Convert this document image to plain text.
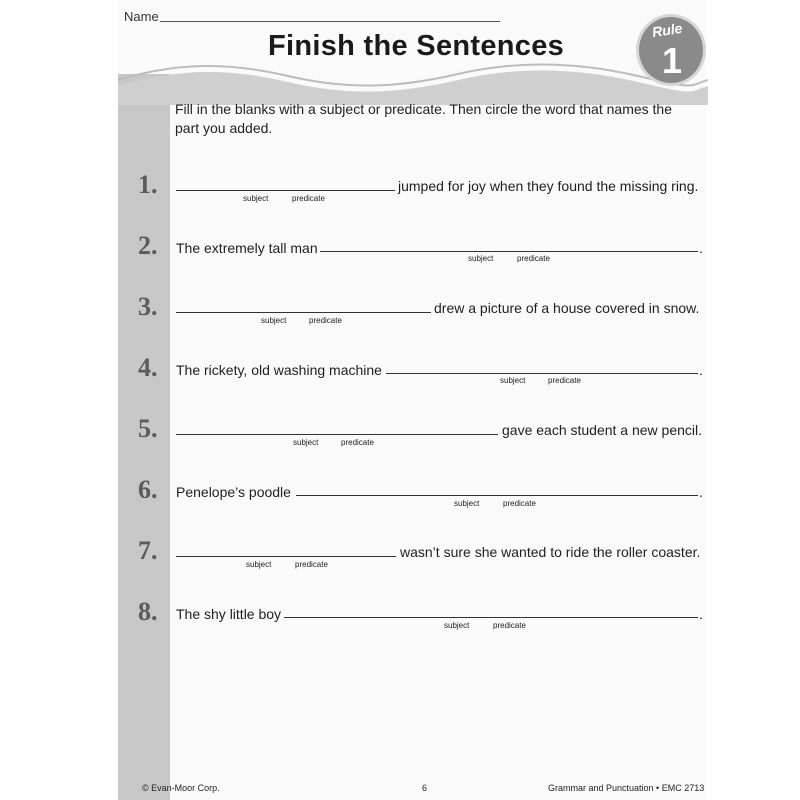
Name
Finish the Sentences	Rule
1
Fill in the blanks with a subject or predicate. Then circle the word that names the part you added.
1.	jumped for joy when they found the missing ring.
subject	predicate
2. The extremely tall man	.
subject	predicate
3.	drew a picture of a house covered in snow.
subject	predicate
4. The rickety, old washing machine	.
subject	predicate
5.	gave each student a new pencil.
subject	predicate
6. Penelope’s poodle	.
subject	predicate
7.	wasn’t sure she wanted to ride the roller coaster.
subject	predicate
8. The shy little boy	.
subject	predicate
© Evan-Moor Corp.	6	Grammar and Punctuation • EMC 2713
